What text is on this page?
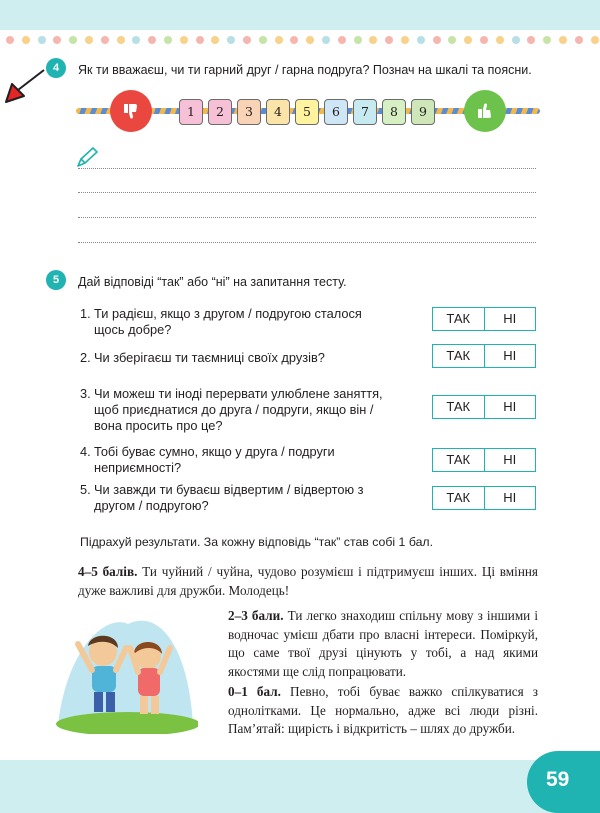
4	Як ти вважаєш, чи ти гарний друг / гарна подруга? Познач на шкалі та поясни.
1	2	3	4	5	6	7	8	9
5	Дай відповіді “так” або “ні” на запитання тесту.
1. Ти радієш, якщо з другом / подругою сталося щось добре?
ТАК	НІ
2. Чи зберігаєш ти таємниці своїх друзів?	ТАК	НІ
3. Чи можеш ти іноді перервати улюблене заняття, щоб приєднатися до друга / подруги, якщо він / вона просить про це?
ТАК	НІ
4. Тобі буває сумно, якщо у друга / подруги неприємності?
ТАК	НІ
5. Чи завжди ти буваєш відвертим / відвертою з другом / подругою?
ТАК	НІ
Підрахуй результати. За кожну відповідь “так” став собі 1 бал.
4–5 балів. Ти чуйний / чуйна, чудово розумієш і підтримуєш інших. Ці вміння дуже важливі для дружби. Молодець!
2–3 бали. Ти легко знаходиш спільну мову з іншими і водночас умієш дбати про власні інтереси. Поміркуй, що саме твої друзі цінують у тобі, а над якими якостями ще слід попрацювати.
0–1 бал. Певно, тобі буває важко спілкуватися з однолітками. Це нормально, адже всі люди різні. Пам’ятай: щирість і відкритість – шлях до дружби.
59
